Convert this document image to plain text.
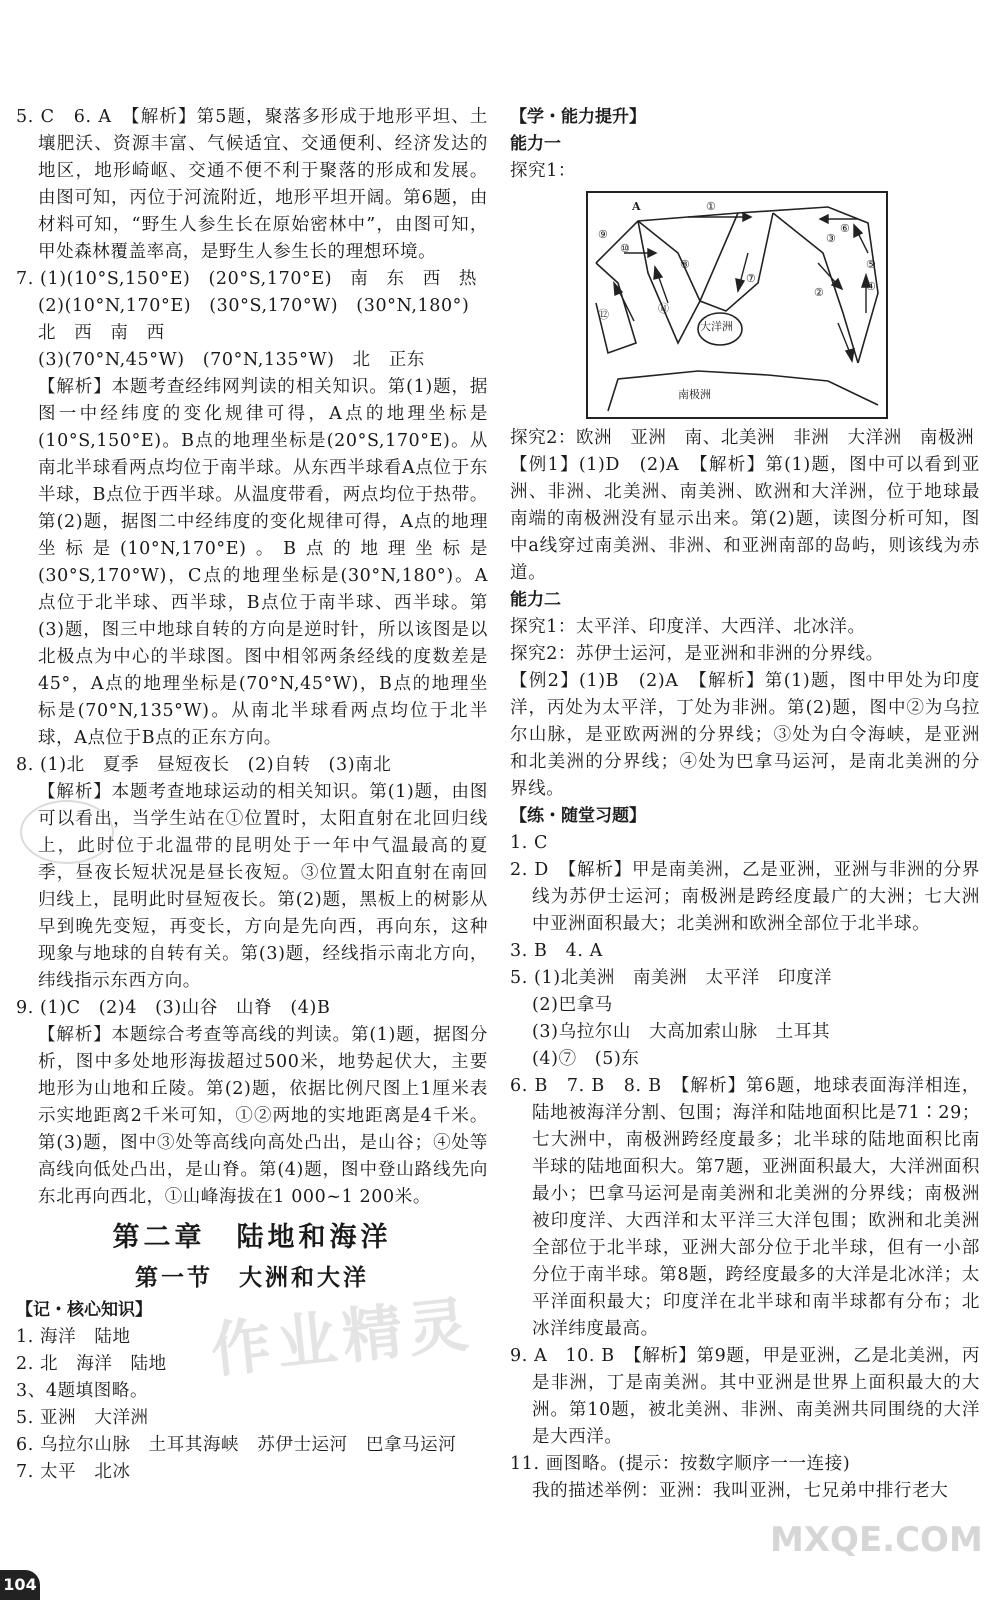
5. C　6. A　【解析】第5题，聚落多形成于地形平坦、土壤肥沃、资源丰富、气候适宜、交通便利、经济发达的地区，地形崎岖、交通不便不利于聚落的形成和发展。由图可知，丙位于河流附近，地形平坦开阔。第6题，由材料可知，“野生人参生长在原始密林中”，由图可知，甲处森林覆盖率高，是野生人参生长的理想环境。

7. (1)(10°S,150°E)　(20°S,170°E)　南　东　西　热

(2)(10°N,170°E)　(30°S,170°W)　(30°N,180°)　北　西　南　西

(3)(70°N,45°W)　(70°N,135°W)　北　正东

【解析】本题考查经纬网判读的相关知识。第(1)题，据图一中经纬度的变化规律可得，A点的地理坐标是(10°S,150°E)。B点的地理坐标是(20°S,170°E)。从南北半球看两点均位于南半球。从东西半球看A点位于东半球，B点位于西半球。从温度带看，两点均位于热带。第(2)题，据图二中经纬度的变化规律可得，A点的地理坐标是(10°N,170°E)。B点的地理坐标是(30°S,170°W)，C点的地理坐标是(30°N,180°)。A点位于北半球、西半球，B点位于南半球、西半球。第(3)题，图三中地球自转的方向是逆时针，所以该图是以北极点为中心的半球图。图中相邻两条经线的度数差是45°，A点的地理坐标是(70°N,45°W)，B点的地理坐标是(70°N,135°W)。从南北半球看两点均位于北半球，A点位于B点的正东方向。

8. (1)北　夏季　昼短夜长　(2)自转　(3)南北

【解析】本题考查地球运动的相关知识。第(1)题，由图可以看出，当学生站在①位置时，太阳直射在北回归线上，此时位于北温带的昆明处于一年中气温最高的夏季，昼夜长短状况是昼长夜短。③位置太阳直射在南回归线上，昆明此时昼短夜长。第(2)题，黑板上的树影从早到晚先变短，再变长，方向是先向西，再向东，这种现象与地球的自转有关。第(3)题，经线指示南北方向，纬线指示东西方向。

9. (1)C　(2)4　(3)山谷　山脊　(4)B

【解析】本题综合考查等高线的判读。第(1)题，据图分析，图中多处地形海拔超过500米，地势起伏大，主要地形为山地和丘陵。第(2)题，依据比例尺图上1厘米表示实地距离2千米可知，①②两地的实地距离是4千米。第(3)题，图中③处等高线向高处凸出，是山谷；④处等高线向低处凸出，是山脊。第(4)题，图中登山路线先向东北再向西北，①山峰海拔在1 000~1 200米。

第二章　陆地和海洋
第一节　大洲和大洋

【记・核心知识】

1. 海洋　陆地

2. 北　海洋　陆地

3、4题填图略。

5. 亚洲　大洋洲

6. 乌拉尔山脉　土耳其海峡　苏伊士运河　巴拿马运河

7. 太平　北冰

【学・能力提升】

能力一

探究1：

A	①
②
③
④
⑤
⑥
⑦
⑧
⑨
⑩
⑪
⑫
大洋洲
南极洲

探究2：欧洲　亚洲　南、北美洲　非洲　大洋洲　南极洲

【例1】(1)D　(2)A　【解析】第(1)题，图中可以看到亚洲、非洲、北美洲、南美洲、欧洲和大洋洲，位于地球最南端的南极洲没有显示出来。第(2)题，读图分析可知，图中a线穿过南美洲、非洲、和亚洲南部的岛屿，则该线为赤道。

能力二

探究1：太平洋、印度洋、大西洋、北冰洋。

探究2：苏伊士运河，是亚洲和非洲的分界线。

【例2】(1)B　(2)A　【解析】第(1)题，图中甲处为印度洋，丙处为太平洋，丁处为非洲。第(2)题，图中②为乌拉尔山脉，是亚欧两洲的分界线；③处为白令海峡，是亚洲和北美洲的分界线；④处为巴拿马运河，是南北美洲的分界线。

【练・随堂习题】

1. C

2. D　【解析】甲是南美洲，乙是亚洲，亚洲与非洲的分界线为苏伊士运河；南极洲是跨经度最广的大洲；七大洲中亚洲面积最大；北美洲和欧洲全部位于北半球。

3. B　4. A

5. (1)北美洲　南美洲　太平洋　印度洋

(2)巴拿马

(3)乌拉尔山　大高加索山脉　土耳其

(4)⑦　(5)东

6. B　7. B　8. B　【解析】第6题，地球表面海洋相连，陆地被海洋分割、包围；海洋和陆地面积比是71∶29；七大洲中，南极洲跨经度最多；北半球的陆地面积比南半球的陆地面积大。第7题，亚洲面积最大，大洋洲面积最小；巴拿马运河是南美洲和北美洲的分界线；南极洲被印度洋、大西洋和太平洋三大洋包围；欧洲和北美洲全部位于北半球，亚洲大部分位于北半球，但有一小部分位于南半球。第8题，跨经度最多的大洋是北冰洋；太平洋面积最大；印度洋在北半球和南半球都有分布；北冰洋纬度最高。

9. A　10. B　【解析】第9题，甲是亚洲，乙是北美洲，丙是非洲，丁是南美洲。其中亚洲是世界上面积最大的大洲。第10题，被北美洲、非洲、南美洲共同围绕的大洋是大西洋。

11. 画图略。(提示：按数字顺序一一连接)

我的描述举例：亚洲：我叫亚洲，七兄弟中排行老大

作业精灵
MXQE.COM
104
